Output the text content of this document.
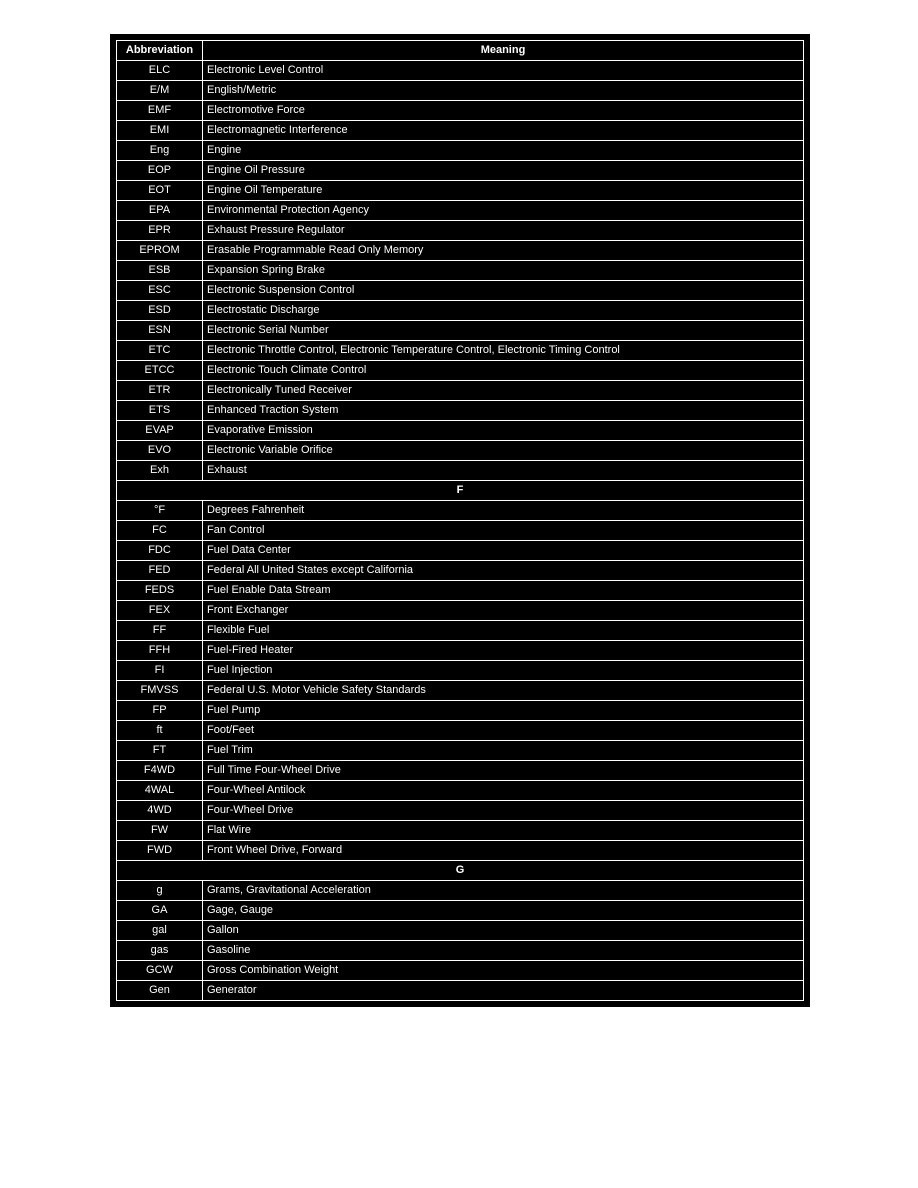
Abbreviation	Meaning
ELC	Electronic Level Control
E/M	English/Metric
EMF	Electromotive Force
EMI	Electromagnetic Interference
Eng	Engine
EOP	Engine Oil Pressure
EOT	Engine Oil Temperature
EPA	Environmental Protection Agency
EPR	Exhaust Pressure Regulator
EPROM	Erasable Programmable Read Only Memory
ESB	Expansion Spring Brake
ESC	Electronic Suspension Control
ESD	Electrostatic Discharge
ESN	Electronic Serial Number
ETC	Electronic Throttle Control, Electronic Temperature Control, Electronic Timing Control
ETCC	Electronic Touch Climate Control
ETR	Electronically Tuned Receiver
ETS	Enhanced Traction System
EVAP	Evaporative Emission
EVO	Electronic Variable Orifice
Exh	Exhaust
F	
°F	Degrees Fahrenheit
FC	Fan Control
FDC	Fuel Data Center
FED	Federal All United States except California
FEDS	Fuel Enable Data Stream
FEX	Front Exchanger
FF	Flexible Fuel
FFH	Fuel-Fired Heater
FI	Fuel Injection
FMVSS	Federal U.S. Motor Vehicle Safety Standards
FP	Fuel Pump
ft	Foot/Feet
FT	Fuel Trim
F4WD	Full Time Four-Wheel Drive
4WAL	Four-Wheel Antilock
4WD	Four-Wheel Drive
FW	Flat Wire
FWD	Front Wheel Drive, Forward
G	
g	Grams, Gravitational Acceleration
GA	Gage, Gauge
gal	Gallon
gas	Gasoline
GCW	Gross Combination Weight
Gen	Generator
